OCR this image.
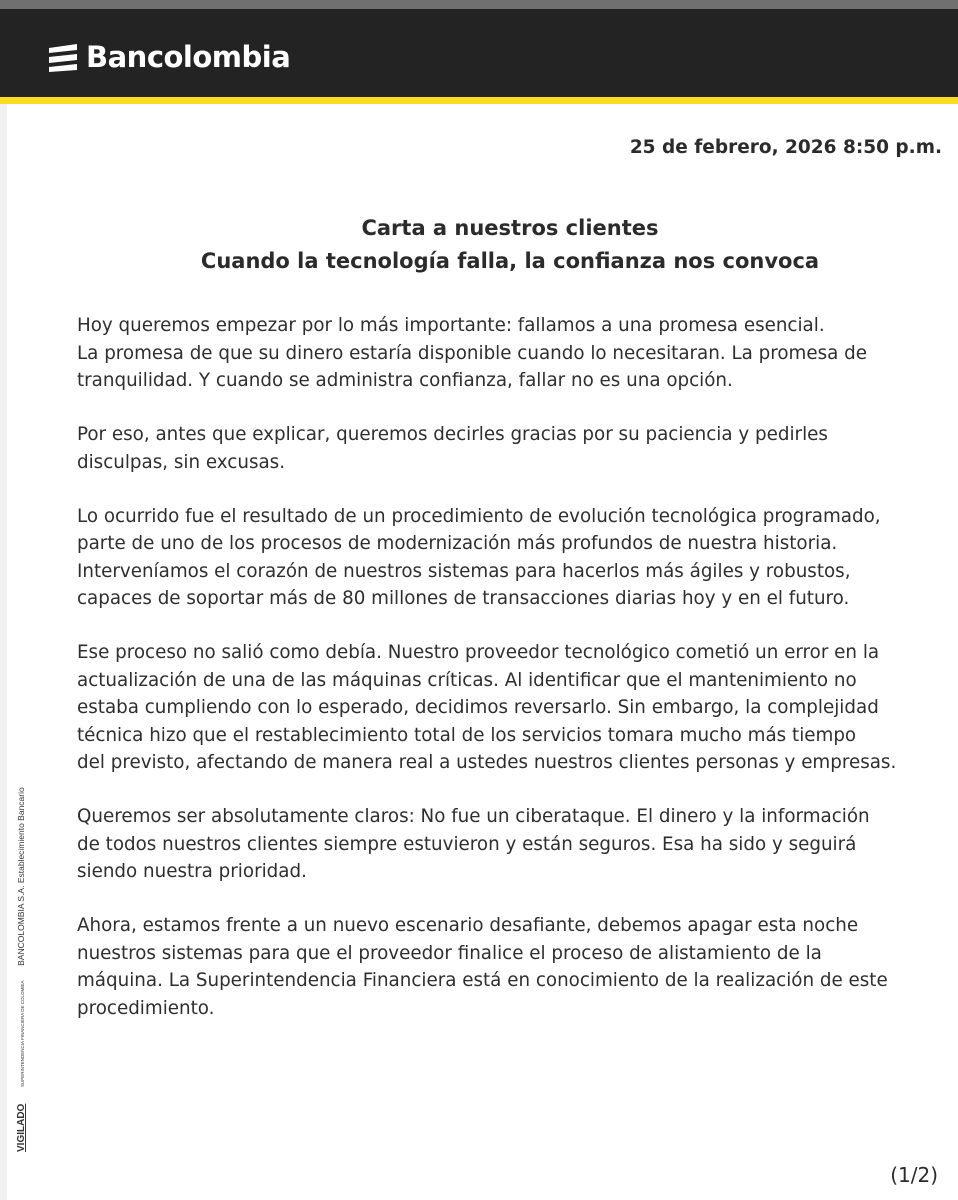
Bancolombia
25 de febrero, 2026 8:50 p.m.
Carta a nuestros clientes
Cuando la tecnología falla, la confianza nos convoca

Hoy queremos empezar por lo más importante: fallamos a una promesa esencial.
La promesa de que su dinero estaría disponible cuando lo necesitaran. La promesa de
tranquilidad. Y cuando se administra confianza, fallar no es una opción.

Por eso, antes que explicar, queremos decirles gracias por su paciencia y pedirles
disculpas, sin excusas.

Lo ocurrido fue el resultado de un procedimiento de evolución tecnológica programado,
parte de uno de los procesos de modernización más profundos de nuestra historia.
Interveníamos el corazón de nuestros sistemas para hacerlos más ágiles y robustos,
capaces de soportar más de 80 millones de transacciones diarias hoy y en el futuro.

Ese proceso no salió como debía. Nuestro proveedor tecnológico cometió un error en la
actualización de una de las máquinas críticas. Al identificar que el mantenimiento no
estaba cumpliendo con lo esperado, decidimos reversarlo. Sin embargo, la complejidad
técnica hizo que el restablecimiento total de los servicios tomara mucho más tiempo
del previsto, afectando de manera real a ustedes nuestros clientes personas y empresas.

Queremos ser absolutamente claros: No fue un ciberataque. El dinero y la información
de todos nuestros clientes siempre estuvieron y están seguros. Esa ha sido y seguirá
siendo nuestra prioridad.

Ahora, estamos frente a un nuevo escenario desafiante, debemos apagar esta noche
nuestros sistemas para que el proveedor finalice el proceso de alistamiento de la
máquina. La Superintendencia Financiera está en conocimiento de la realización de este
procedimiento.

VIGILADO SUPERINTENDENCIA FINANCIERA DE COLOMBIA BANCOLOMBIA S.A. Establecimiento Bancario
(1/2)
